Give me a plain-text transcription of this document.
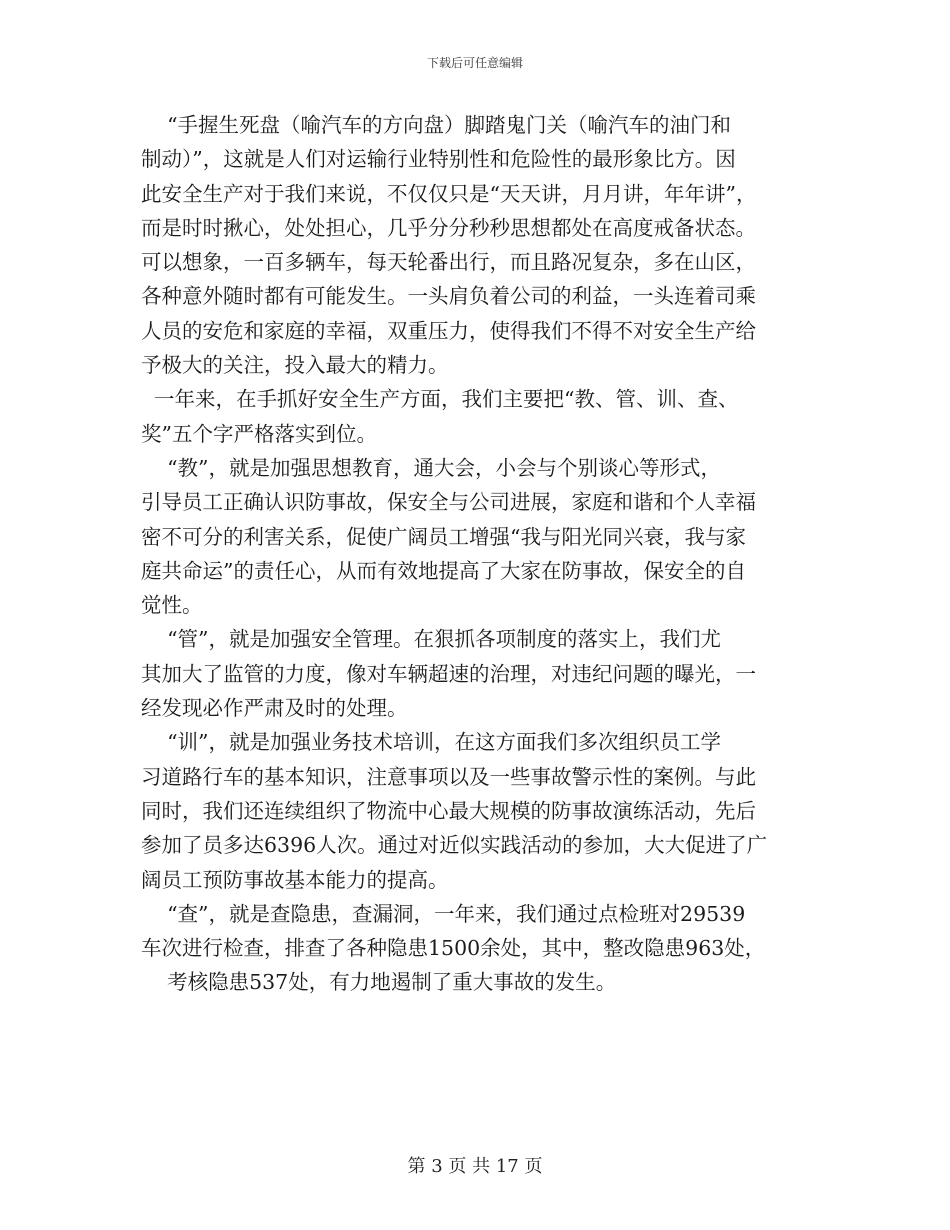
下载后可任意编辑
“手握生死盘（喻汽车的方向盘）脚踏鬼门关（喻汽车的油门和
制动）”，这就是人们对运输行业特别性和危险性的最形象比方。因
此安全生产对于我们来说，不仅仅只是“天天讲，月月讲，年年讲”，
而是时时揪心，处处担心，几乎分分秒秒思想都处在高度戒备状态。
可以想象，一百多辆车，每天轮番出行，而且路况复杂，多在山区，
各种意外随时都有可能发生。一头肩负着公司的利益，一头连着司乘
人员的安危和家庭的幸福，双重压力，使得我们不得不对安全生产给
予极大的关注，投入最大的精力。
一年来，在手抓好安全生产方面，我们主要把“教、管、训、查、
奖”五个字严格落实到位。
“教”，就是加强思想教育，通大会，小会与个别谈心等形式，
引导员工正确认识防事故，保安全与公司进展，家庭和谐和个人幸福
密不可分的利害关系，促使广阔员工增强“我与阳光同兴衰，我与家
庭共命运”的责任心，从而有效地提高了大家在防事故，保安全的自
觉性。
“管”，就是加强安全管理。在狠抓各项制度的落实上，我们尤
其加大了监管的力度，像对车辆超速的治理，对违纪问题的曝光，一
经发现必作严肃及时的处理。
“训”，就是加强业务技术培训，在这方面我们多次组织员工学
习道路行车的基本知识，注意事项以及一些事故警示性的案例。与此
同时，我们还连续组织了物流中心最大规模的防事故演练活动，先后
参加了员多达6396人次。通过对近似实践活动的参加，大大促进了广
阔员工预防事故基本能力的提高。
“查”，就是查隐患，查漏洞，一年来，我们通过点检班对29539
车次进行检查，排查了各种隐患1500余处，其中，整改隐患963处，
考核隐患537处，有力地遏制了重大事故的发生。
第 3 页 共 17 页
